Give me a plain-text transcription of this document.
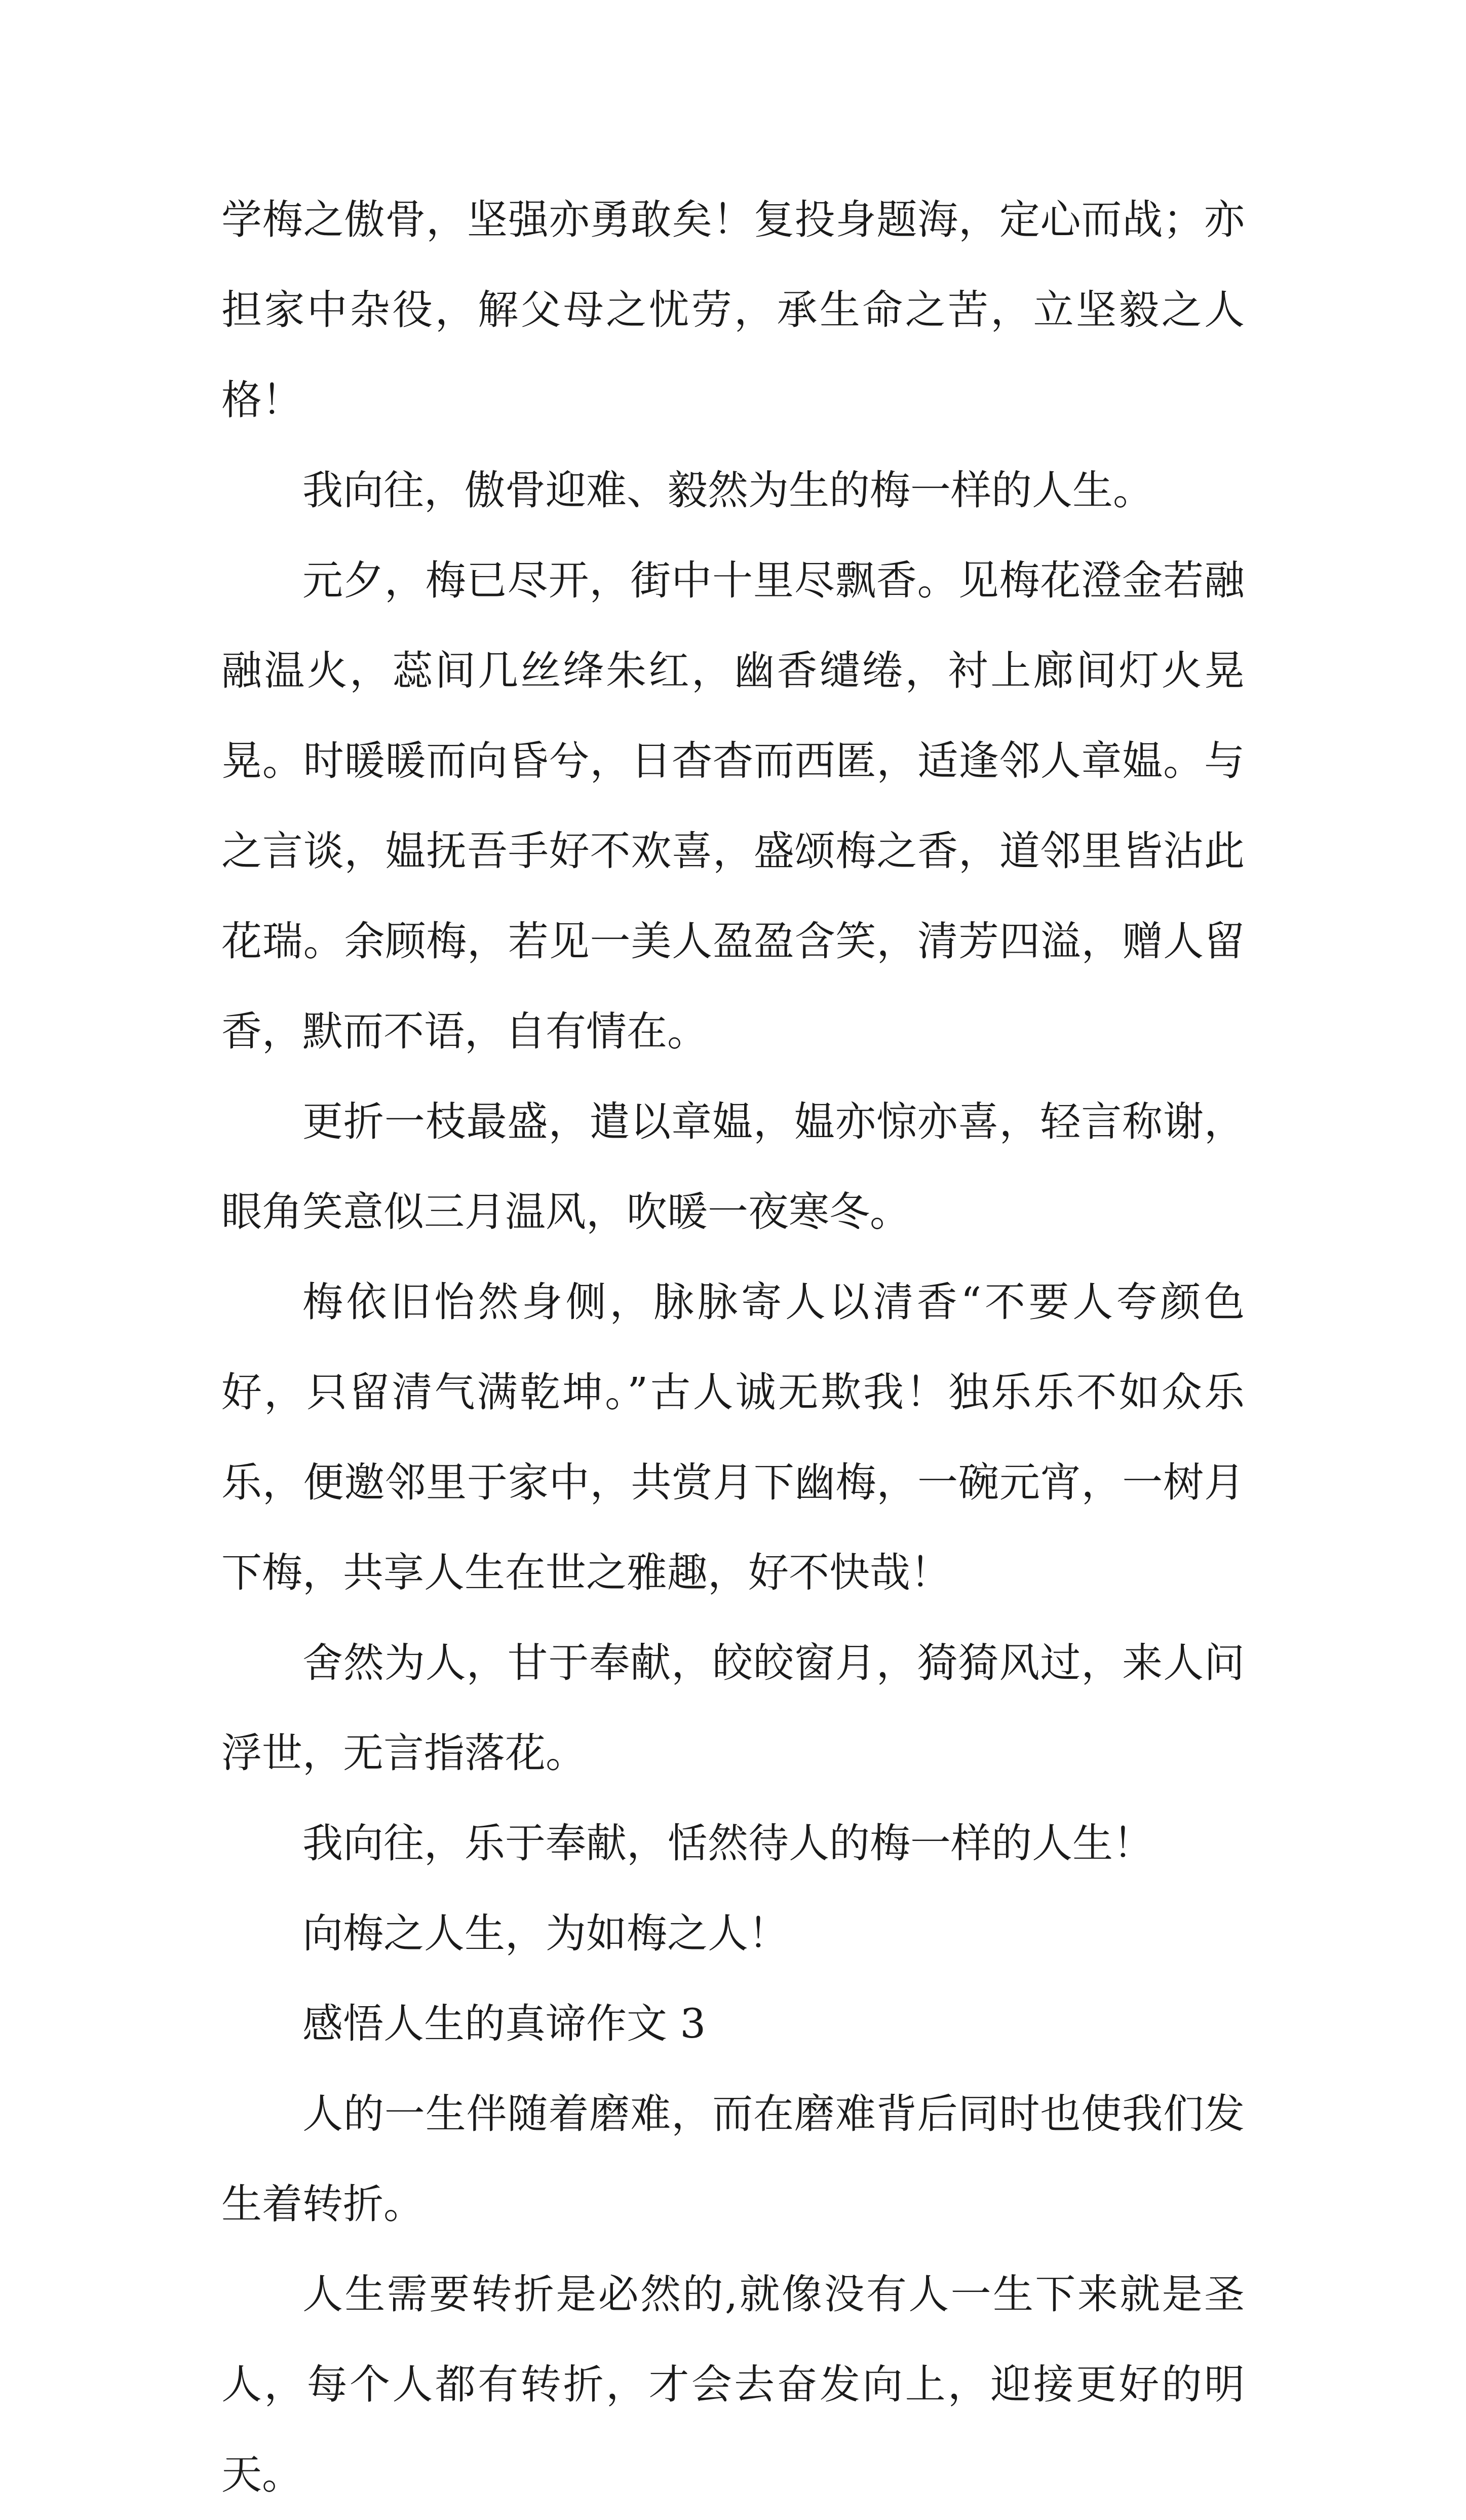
学梅之傲骨，坚强亦勇敢矣！复投身题海，定心而战；亦担家中杂役，解父母之忧劳，承生命之苦，立坚毅之人格！

我向往，傲骨迎难、毅然为生的梅一样的人生。

元夕，梅已尽开，街中十里尽飘香。见梅花澄金若融融温火，蕊间几丝绛朱红，幽香缱绻，衬上廊间灯火晃晃。时暖暖而向昏兮，日杳杳而西匿，适逢邻人章媪。与之言谈，媪抚吾手好不欢喜，盛颂梅之香，道邻里皆沾此花瑞。余顾梅，若见一美人盈盈含笑，清芳四溢，赠人留香，默而不语，自有情在。

更折一枝最盛，遣以章媪，媪亦惊亦喜，轻言称谢，眼角笑意似三月温风，吹暖一夜寒冬。

梅依旧怡然身侧，脉脉寄人以清香“不要人夸颜色好，只留清气满乾坤。”古人诚无欺我！独乐乐不如众乐乐，便邀邻里于家中，共赏月下幽梅，一碗元宵，一树月下梅，共享人生在世之雅趣，好不快哉！

舍然为人，甘于奉献，皎皎窗月，猗猗风过，来人问浮世，无言指落花。

我向往，乐于奉献，恬然待人的梅一样的人生！

向梅之人生，为如梅之人！

感悟人生的真谛作文 3

人的一生伴随着磨难，而在磨难背后同时也使我们发生着转折。

人生需要转折是必然的,就像没有人一生下来就是圣人，每个人都有转折，才会去奋发向上，迎接更好的明天。
